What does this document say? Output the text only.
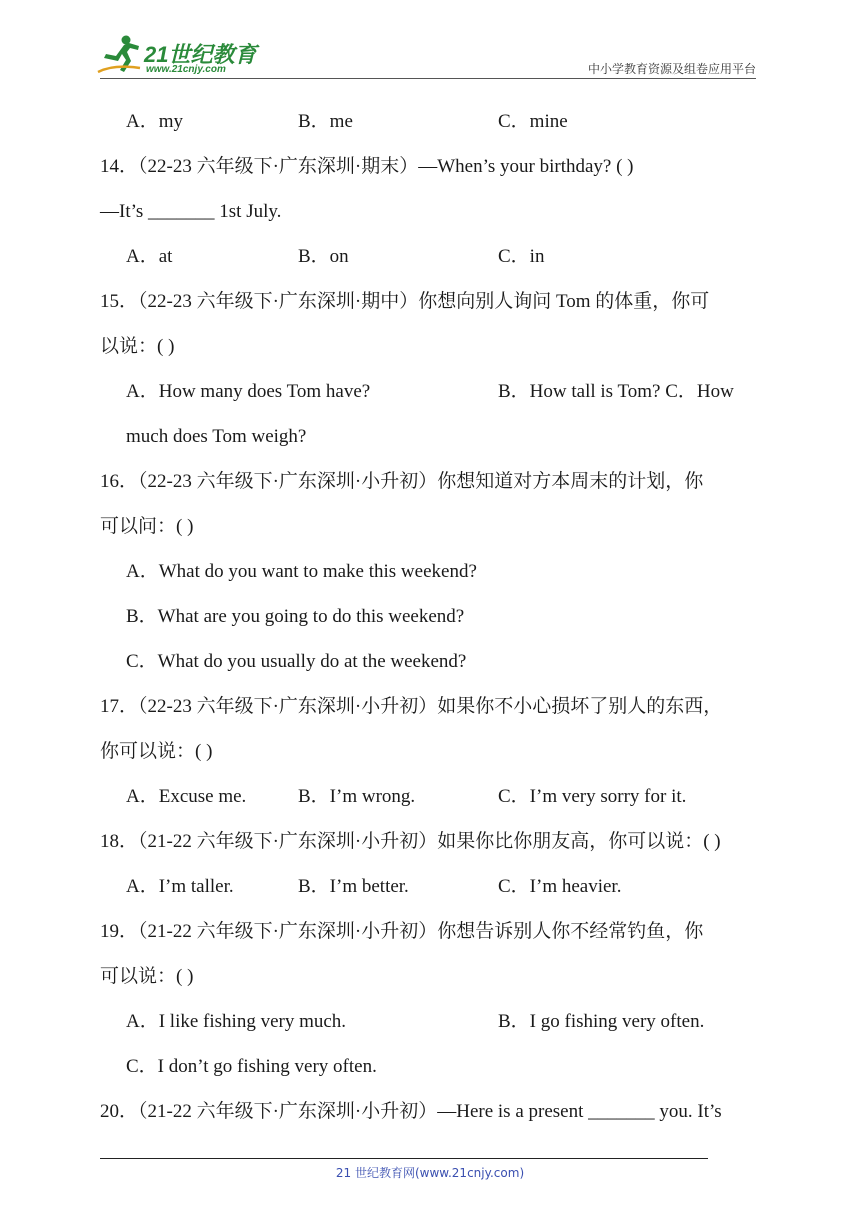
21世纪教育
www.21cnjy.com	中小学教育资源及组卷应用平台
A．my	B．me	C．mine
14．（22-23 六年级下·广东深圳·期末）—When’s your birthday? ( )
—It’s _______ 1st July.
A．at	B．on	C．in
15．（22-23 六年级下·广东深圳·期中）你想向别人询问 Tom 的体重，你可
以说：( )
A．How many does Tom have?	B．How tall is Tom? C．How
much does Tom weigh?
16．（22-23 六年级下·广东深圳·小升初）你想知道对方本周末的计划，你
可以问：( )
A．What do you want to make this weekend?
B．What are you going to do this weekend?
C．What do you usually do at the weekend?
17．（22-23 六年级下·广东深圳·小升初）如果你不小心损坏了别人的东西，
你可以说：( )
A．Excuse me.	B．I’m wrong.	C．I’m very sorry for it.
18．（21-22 六年级下·广东深圳·小升初）如果你比你朋友高，你可以说：( )
A．I’m taller.	B．I’m better.	C．I’m heavier.
19．（21-22 六年级下·广东深圳·小升初）你想告诉别人你不经常钓鱼，你
可以说：( )
A．I like fishing very much.	B．I go fishing very often.
C．I don’t go fishing very often.
20．（21-22 六年级下·广东深圳·小升初）—Here is a present _______ you. It’s
21 世纪教育网(www.21cnjy.com)
